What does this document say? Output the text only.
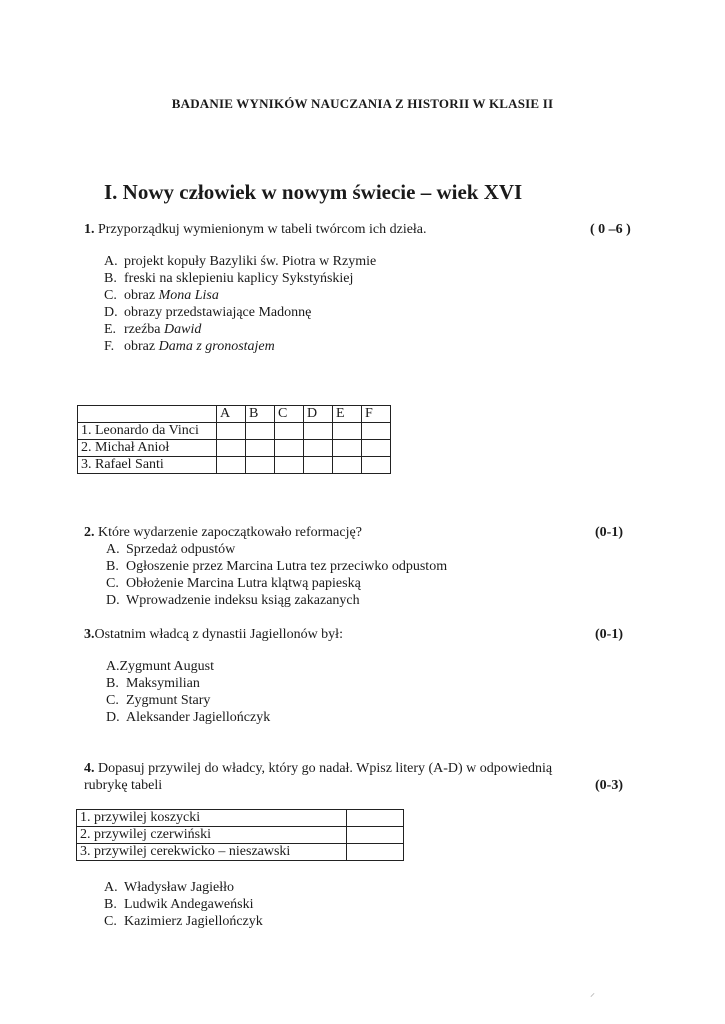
BADANIE WYNIKÓW NAUCZANIA Z HISTORII W KLASIE II
I. Nowy człowiek w nowym świecie – wiek XVI
1. Przyporządkuj wymienionym w tabeli twórcom ich dzieła.	( 0 –6 )
A. projekt kopuły Bazyliki św. Piotra w Rzymie
B. freski na sklepieniu kaplicy Sykstyńskiej
C. obraz Mona Lisa
D. obrazy przedstawiające Madonnę
E. rzeźba Dawid
F. obraz Dama z gronostajem
	A	B	C	D	E	F
1. Leonardo da Vinci						
2. Michał Anioł						
3. Rafael Santi						
2. Które wydarzenie zapoczątkowało reformację?	(0-1)
A. Sprzedaż odpustów
B. Ogłoszenie przez Marcina Lutra tez przeciwko odpustom
C. Obłożenie Marcina Lutra klątwą papieską
D. Wprowadzenie indeksu ksiąg zakazanych
3.Ostatnim władcą z dynastii Jagiellonów był:	(0-1)
A.Zygmunt August
B. Maksymilian
C. Zygmunt Stary
D. Aleksander Jagiellończyk
4. Dopasuj przywilej do władcy, który go nadał. Wpisz litery (A-D) w odpowiednią
rubrykę tabeli	(0-3)
1. przywilej koszycki	
2. przywilej czerwiński	
3. przywilej cerekwicko – nieszawski	
A. Władysław Jagiełło
B. Ludwik Andegaweński
C. Kazimierz Jagiellończyk
⸝
